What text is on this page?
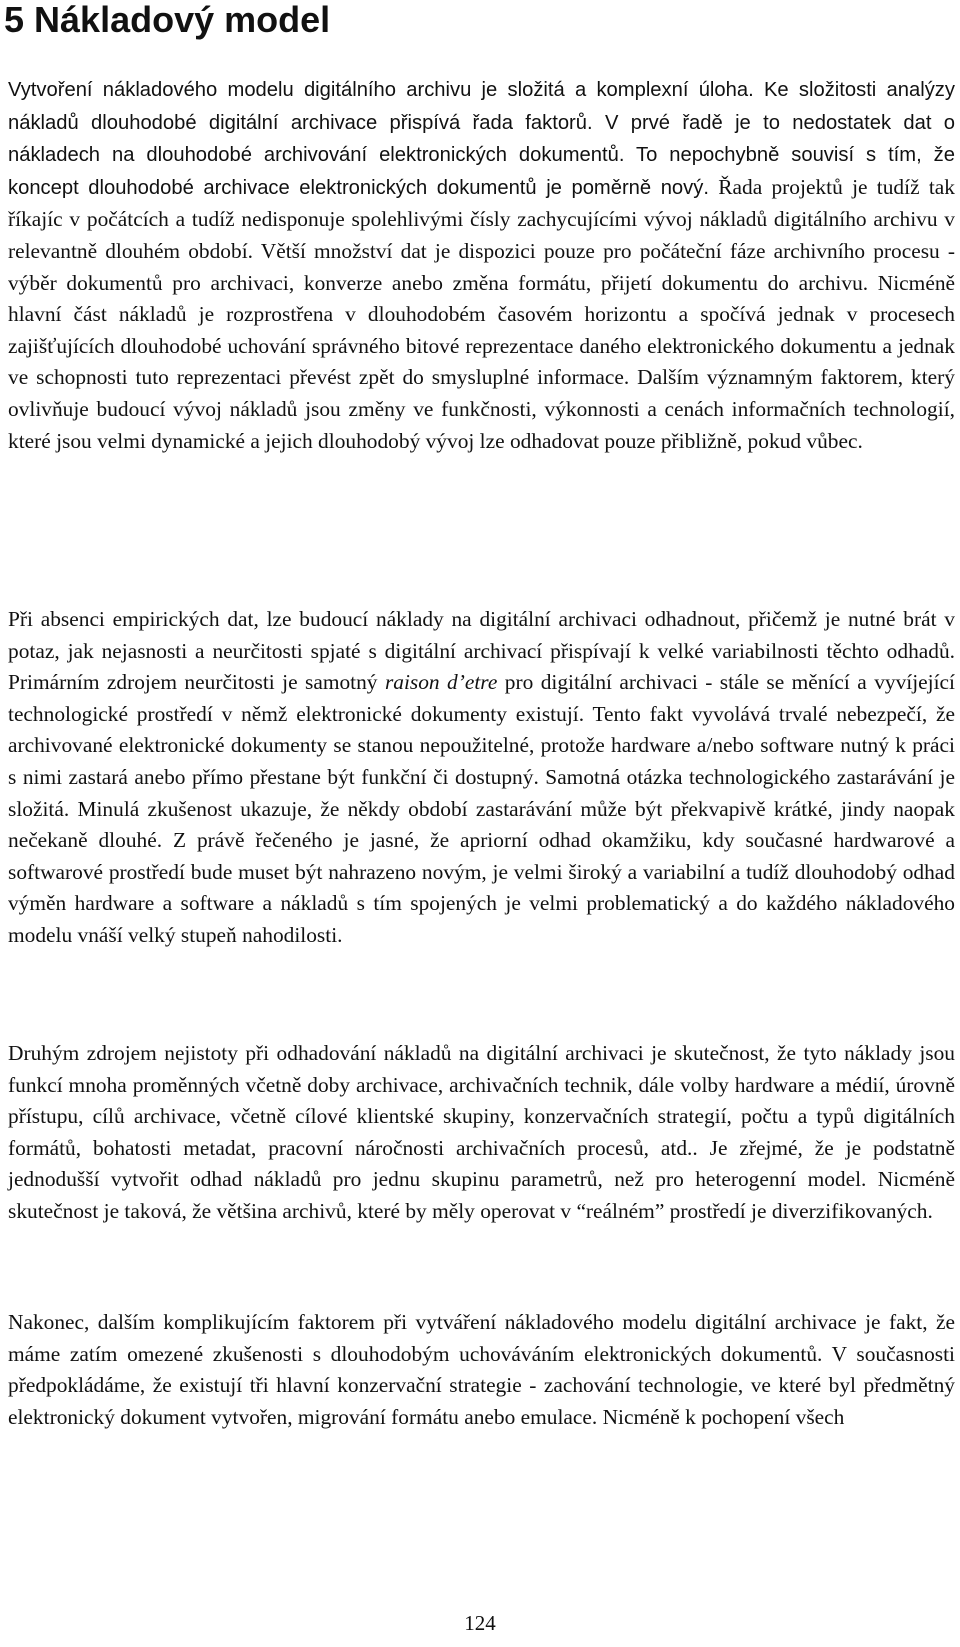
5 Nákladový model

Vytvoření nákladového modelu digitálního archivu je složitá a komplexní úloha. Ke složitosti analýzy nákladů dlouhodobé digitální archivace přispívá řada faktorů. V prvé řadě je to nedostatek dat o nákladech na dlouhodobé archivování elektronických dokumentů. To nepochybně souvisí s tím, že koncept dlouhodobé archivace elektronických dokumentů je poměrně nový. Řada projektů je tudíž tak říkajíc v počátcích a tudíž nedisponuje spolehlivými čísly zachycujícími vývoj nákladů digitálního archivu v relevantně dlouhém období. Větší množství dat je dispozici pouze pro počáteční fáze archivního procesu - výběr dokumentů pro archivaci, konverze anebo změna formátu, přijetí dokumentu do archivu. Nicméně hlavní část nákladů je rozprostřena v dlouhodobém časovém horizontu a spočívá jednak v procesech zajišťujících dlouhodobé uchování správného bitové reprezentace daného elektronického dokumentu a jednak ve schopnosti tuto reprezentaci převést zpět do smysluplné informace. Dalším významným faktorem, který ovlivňuje budoucí vývoj nákladů jsou změny ve funkčnosti, výkonnosti a cenách informačních technologií, které jsou velmi dynamické a jejich dlouhodobý vývoj lze odhadovat pouze přibližně, pokud vůbec.

Při absenci empirických dat, lze budoucí náklady na digitální archivaci odhadnout, přičemž je nutné brát v potaz, jak nejasnosti a neurčitosti spjaté s digitální archivací přispívají k velké variabilnosti těchto odhadů. Primárním zdrojem neurčitosti je samotný raison d’etre pro digitální archivaci - stále se měnící a vyvíjející technologické prostředí v němž elektronické dokumenty existují. Tento fakt vyvolává trvalé nebezpečí, že archivované elektronické dokumenty se stanou nepoužitelné, protože hardware a/nebo software nutný k práci s nimi zastará anebo přímo přestane být funkční či dostupný. Samotná otázka technologického zastarávání je složitá. Minulá zkušenost ukazuje, že někdy období zastarávání může být překvapivě krátké, jindy naopak nečekaně dlouhé. Z právě řečeného je jasné, že apriorní odhad okamžiku, kdy současné hardwarové a softwarové prostředí bude muset být nahrazeno novým, je velmi široký a variabilní a tudíž dlouhodobý odhad výměn hardware a software a nákladů s tím spojených je velmi problematický a do každého nákladového modelu vnáší velký stupeň nahodilosti.

Druhým zdrojem nejistoty při odhadování nákladů na digitální archivaci je skutečnost, že tyto náklady jsou funkcí mnoha proměnných včetně doby archivace, archivačních technik, dále volby hardware a médií, úrovně přístupu, cílů archivace, včetně cílové klientské skupiny, konzervačních strategií, počtu a typů digitálních formátů, bohatosti metadat, pracovní náročnosti archivačních procesů, atd.. Je zřejmé, že je podstatně jednodušší vytvořit odhad nákladů pro jednu skupinu parametrů, než pro heterogenní model. Nicméně skutečnost je taková, že většina archivů, které by měly operovat v “reálném” prostředí je diverzifikovaných.

Nakonec, dalším komplikujícím faktorem při vytváření nákladového modelu digitální archivace je fakt, že máme zatím omezené zkušenosti s dlouhodobým uchováváním elektronických dokumentů. V současnosti předpokládáme, že existují tři hlavní konzervační strategie - zachování technologie, ve které byl předmětný elektronický dokument vytvořen, migrování formátu anebo emulace. Nicméně k pochopení všech

124
